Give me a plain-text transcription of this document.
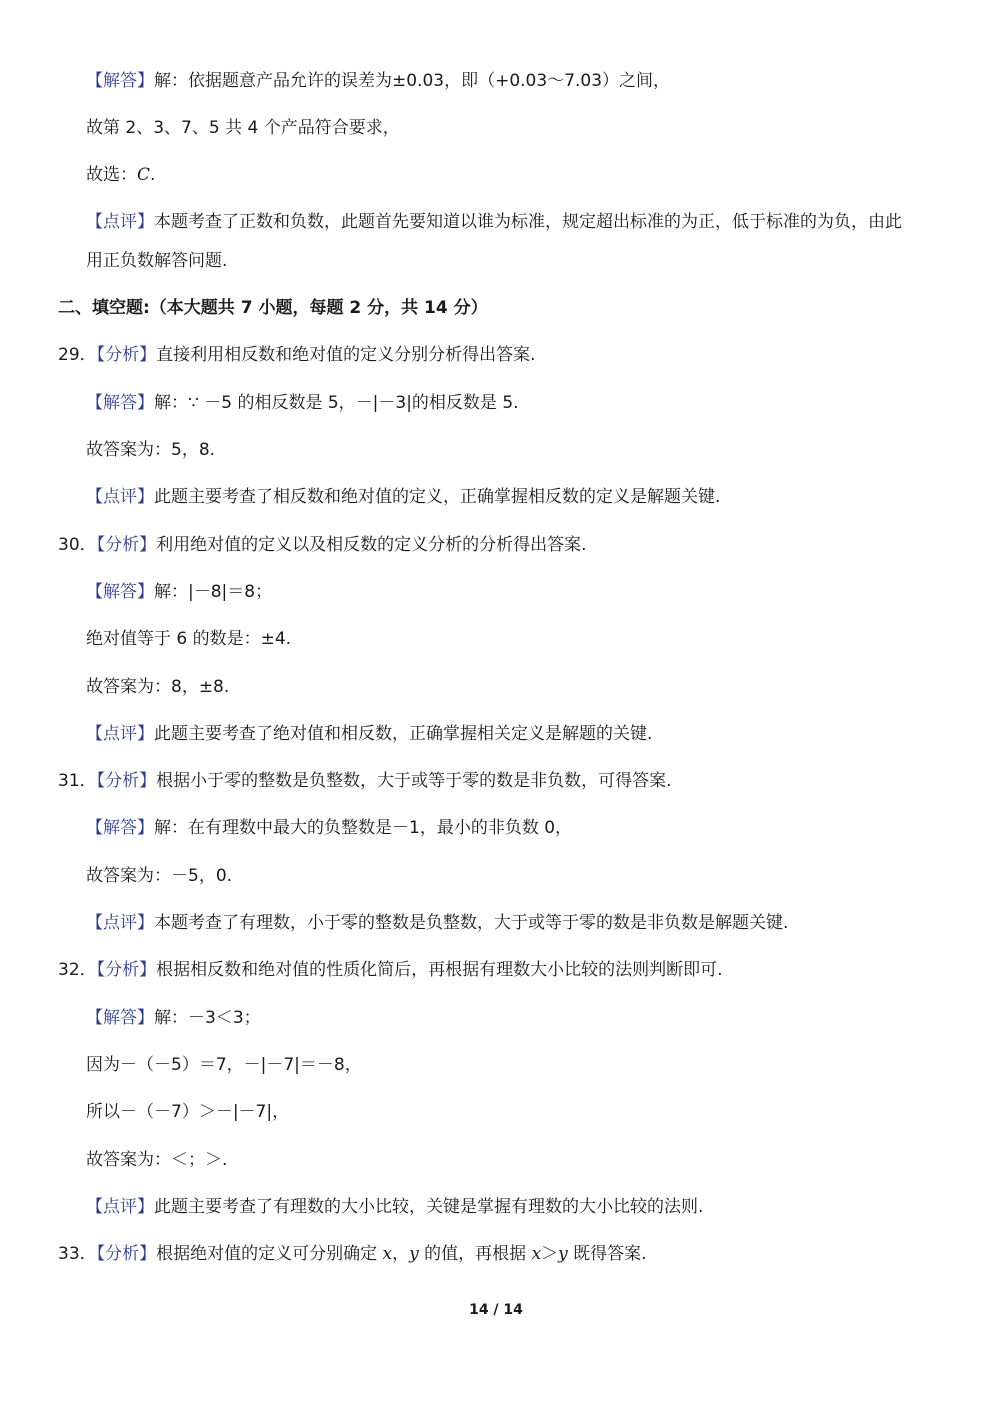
【解答】解：依据题意产品允许的误差为±0.03，即（+0.03～7.03）之间，
故第 2、3、7、5 共 4 个产品符合要求，
故选：C.
【点评】本题考查了正数和负数，此题首先要知道以谁为标准，规定超出标准的为正，低于标准的为负，由此
用正负数解答问题.
二、填空题:（本大题共 7 小题，每题 2 分，共 14 分）
29．【分析】直接利用相反数和绝对值的定义分别分析得出答案.
【解答】解：∵ －5 的相反数是 5，－|－3|的相反数是 5.
故答案为：5，8.
【点评】此题主要考查了相反数和绝对值的定义，正确掌握相反数的定义是解题关键.
30．【分析】利用绝对值的定义以及相反数的定义分析的分析得出答案.
【解答】解：|－8|＝8；
绝对值等于 6 的数是：±4.
故答案为：8，±8.
【点评】此题主要考查了绝对值和相反数，正确掌握相关定义是解题的关键.
31．【分析】根据小于零的整数是负整数，大于或等于零的数是非负数，可得答案.
【解答】解：在有理数中最大的负整数是－1，最小的非负数 0，
故答案为：－5，0.
【点评】本题考查了有理数，小于零的整数是负整数，大于或等于零的数是非负数是解题关键.
32．【分析】根据相反数和绝对值的性质化简后，再根据有理数大小比较的法则判断即可.
【解答】解：－3＜3；
因为－（－5）＝7，－|－7|＝－8，
所以－（－7）＞－|－7|，
故答案为：＜；＞.
【点评】此题主要考查了有理数的大小比较，关键是掌握有理数的大小比较的法则.
33．【分析】根据绝对值的定义可分别确定 x，y 的值，再根据 x＞y 既得答案.
14 / 14
